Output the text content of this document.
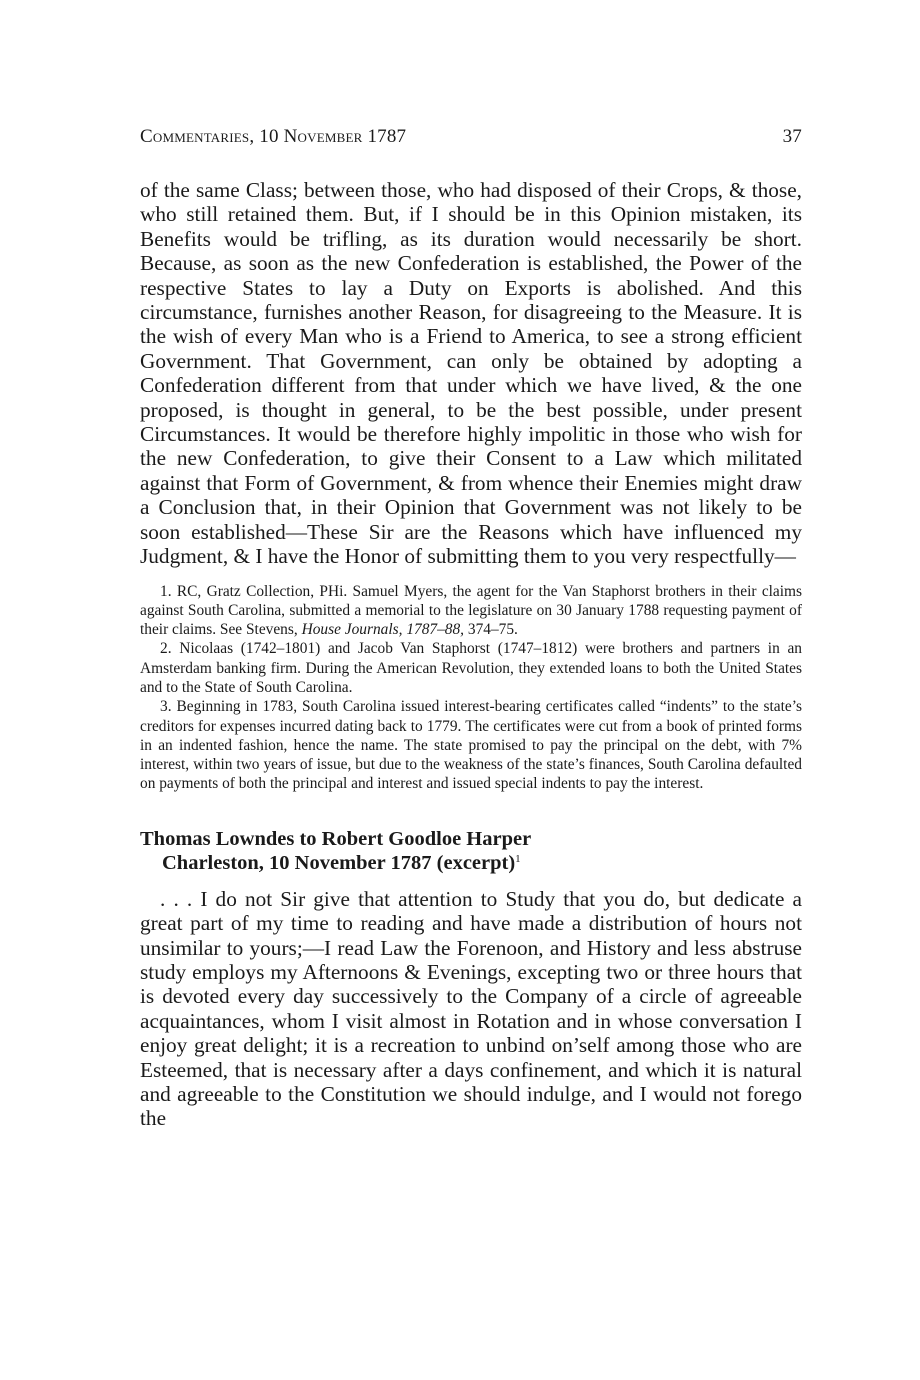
Commentaries, 10 November 1787	37

of the same Class; between those, who had disposed of their Crops, & those, who still retained them. But, if I should be in this Opinion mistaken, its Benefits would be trifling, as its duration would necessarily be short. Because, as soon as the new Confederation is established, the Power of the respective States to lay a Duty on Exports is abolished. And this circumstance, furnishes another Reason, for disagreeing to the Measure. It is the wish of every Man who is a Friend to America, to see a strong efficient Government. That Government, can only be obtained by adopting a Confederation different from that under which we have lived, & the one proposed, is thought in general, to be the best possible, under present Circumstances. It would be therefore highly impolitic in those who wish for the new Confederation, to give their Consent to a Law which militated against that Form of Government, & from whence their Enemies might draw a Conclusion that, in their Opinion that Government was not likely to be soon established—These Sir are the Reasons which have influenced my Judgment, & I have the Honor of submitting them to you very respectfully—

1. RC, Gratz Collection, PHi. Samuel Myers, the agent for the Van Staphorst brothers in their claims against South Carolina, submitted a memorial to the legislature on 30 January 1788 requesting payment of their claims. See Stevens, House Journals, 1787–88, 374–75.

2. Nicolaas (1742–1801) and Jacob Van Staphorst (1747–1812) were brothers and partners in an Amsterdam banking firm. During the American Revolution, they extended loans to both the United States and to the State of South Carolina.

3. Beginning in 1783, South Carolina issued interest-bearing certificates called “indents” to the state’s creditors for expenses incurred dating back to 1779. The certificates were cut from a book of printed forms in an indented fashion, hence the name. The state promised to pay the principal on the debt, with 7% interest, within two years of issue, but due to the weakness of the state’s finances, South Carolina defaulted on payments of both the principal and interest and issued special indents to pay the interest.

Thomas Lowndes to Robert Goodloe Harper
Charleston, 10 November 1787 (excerpt)$^1$

. . . I do not Sir give that attention to Study that you do, but dedicate a great part of my time to reading and have made a distribution of hours not unsimilar to yours;—I read Law the Forenoon, and History and less abstruse study employs my Afternoons & Evenings, excepting two or three hours that is devoted every day successively to the Company of a circle of agreeable acquaintances, whom I visit almost in Rotation and in whose conversation I enjoy great delight; it is a recreation to unbind on’self among those who are Esteemed, that is necessary after a days confinement, and which it is natural and agreeable to the Constitution we should indulge, and I would not forego the
